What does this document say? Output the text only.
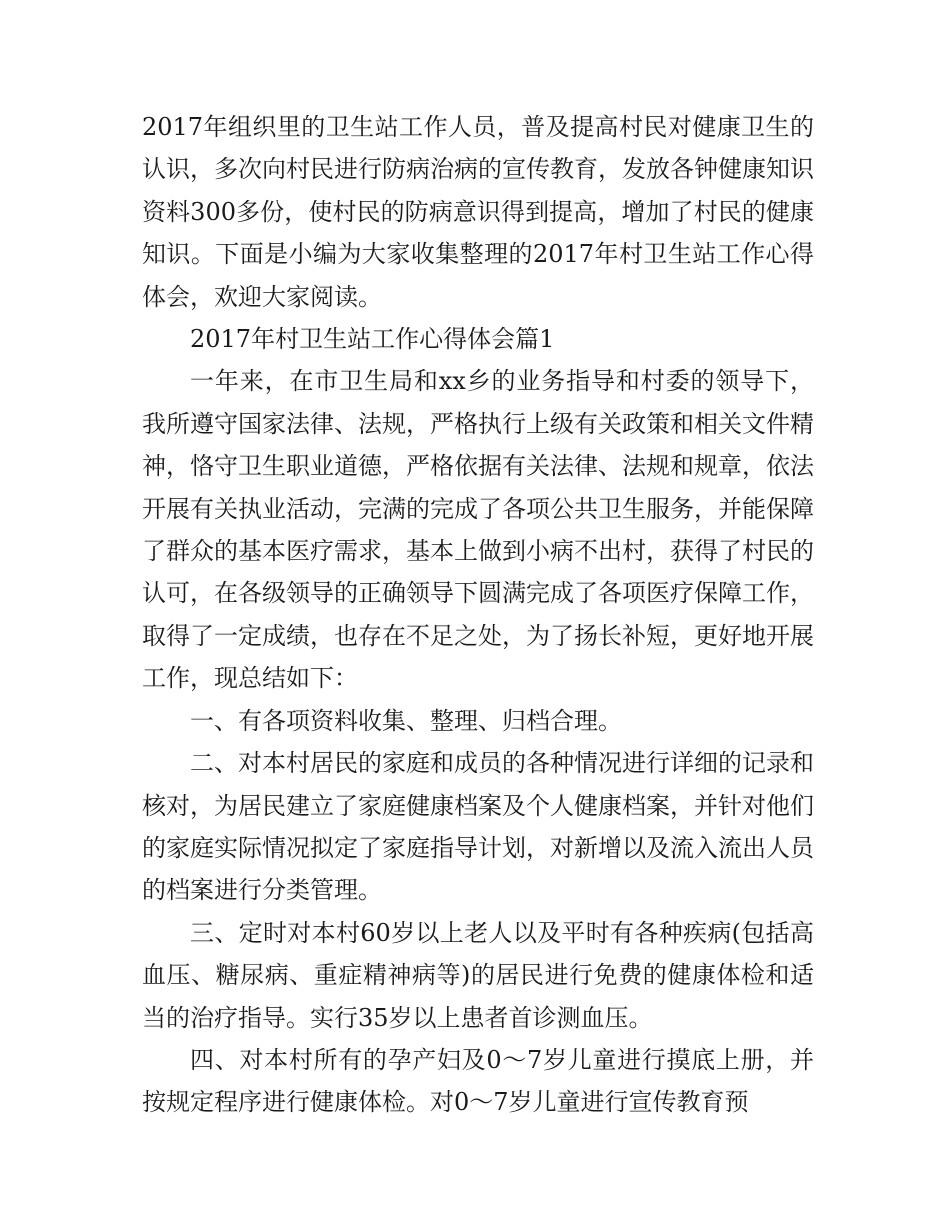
2017年组织里的卫生站工作人员，普及提高村民对健康卫生的认识，多次向村民进行防病治病的宣传教育，发放各钟健康知识资料300多份，使村民的防病意识得到提高，增加了村民的健康知识。下面是小编为大家收集整理的2017年村卫生站工作心得体会，欢迎大家阅读。

2017年村卫生站工作心得体会篇1

一年来，在市卫生局和xx乡的业务指导和村委的领导下，我所遵守国家法律、法规，严格执行上级有关政策和相关文件精神，恪守卫生职业道德，严格依据有关法律、法规和规章，依法开展有关执业活动，完满的完成了各项公共卫生服务，并能保障了群众的基本医疗需求，基本上做到小病不出村，获得了村民的认可，在各级领导的正确领导下圆满完成了各项医疗保障工作，取得了一定成绩，也存在不足之处，为了扬长补短，更好地开展工作，现总结如下：

一、有各项资料收集、整理、归档合理。

二、对本村居民的家庭和成员的各种情况进行详细的记录和核对，为居民建立了家庭健康档案及个人健康档案，并针对他们的家庭实际情况拟定了家庭指导计划，对新增以及流入流出人员的档案进行分类管理。

三、定时对本村60岁以上老人以及平时有各种疾病(包括高血压、糖尿病、重症精神病等)的居民进行免费的健康体检和适当的治疗指导。实行35岁以上患者首诊测血压。

四、对本村所有的孕产妇及0～7岁儿童进行摸底上册，并按规定程序进行健康体检。对0～7岁儿童进行宣传教育预
